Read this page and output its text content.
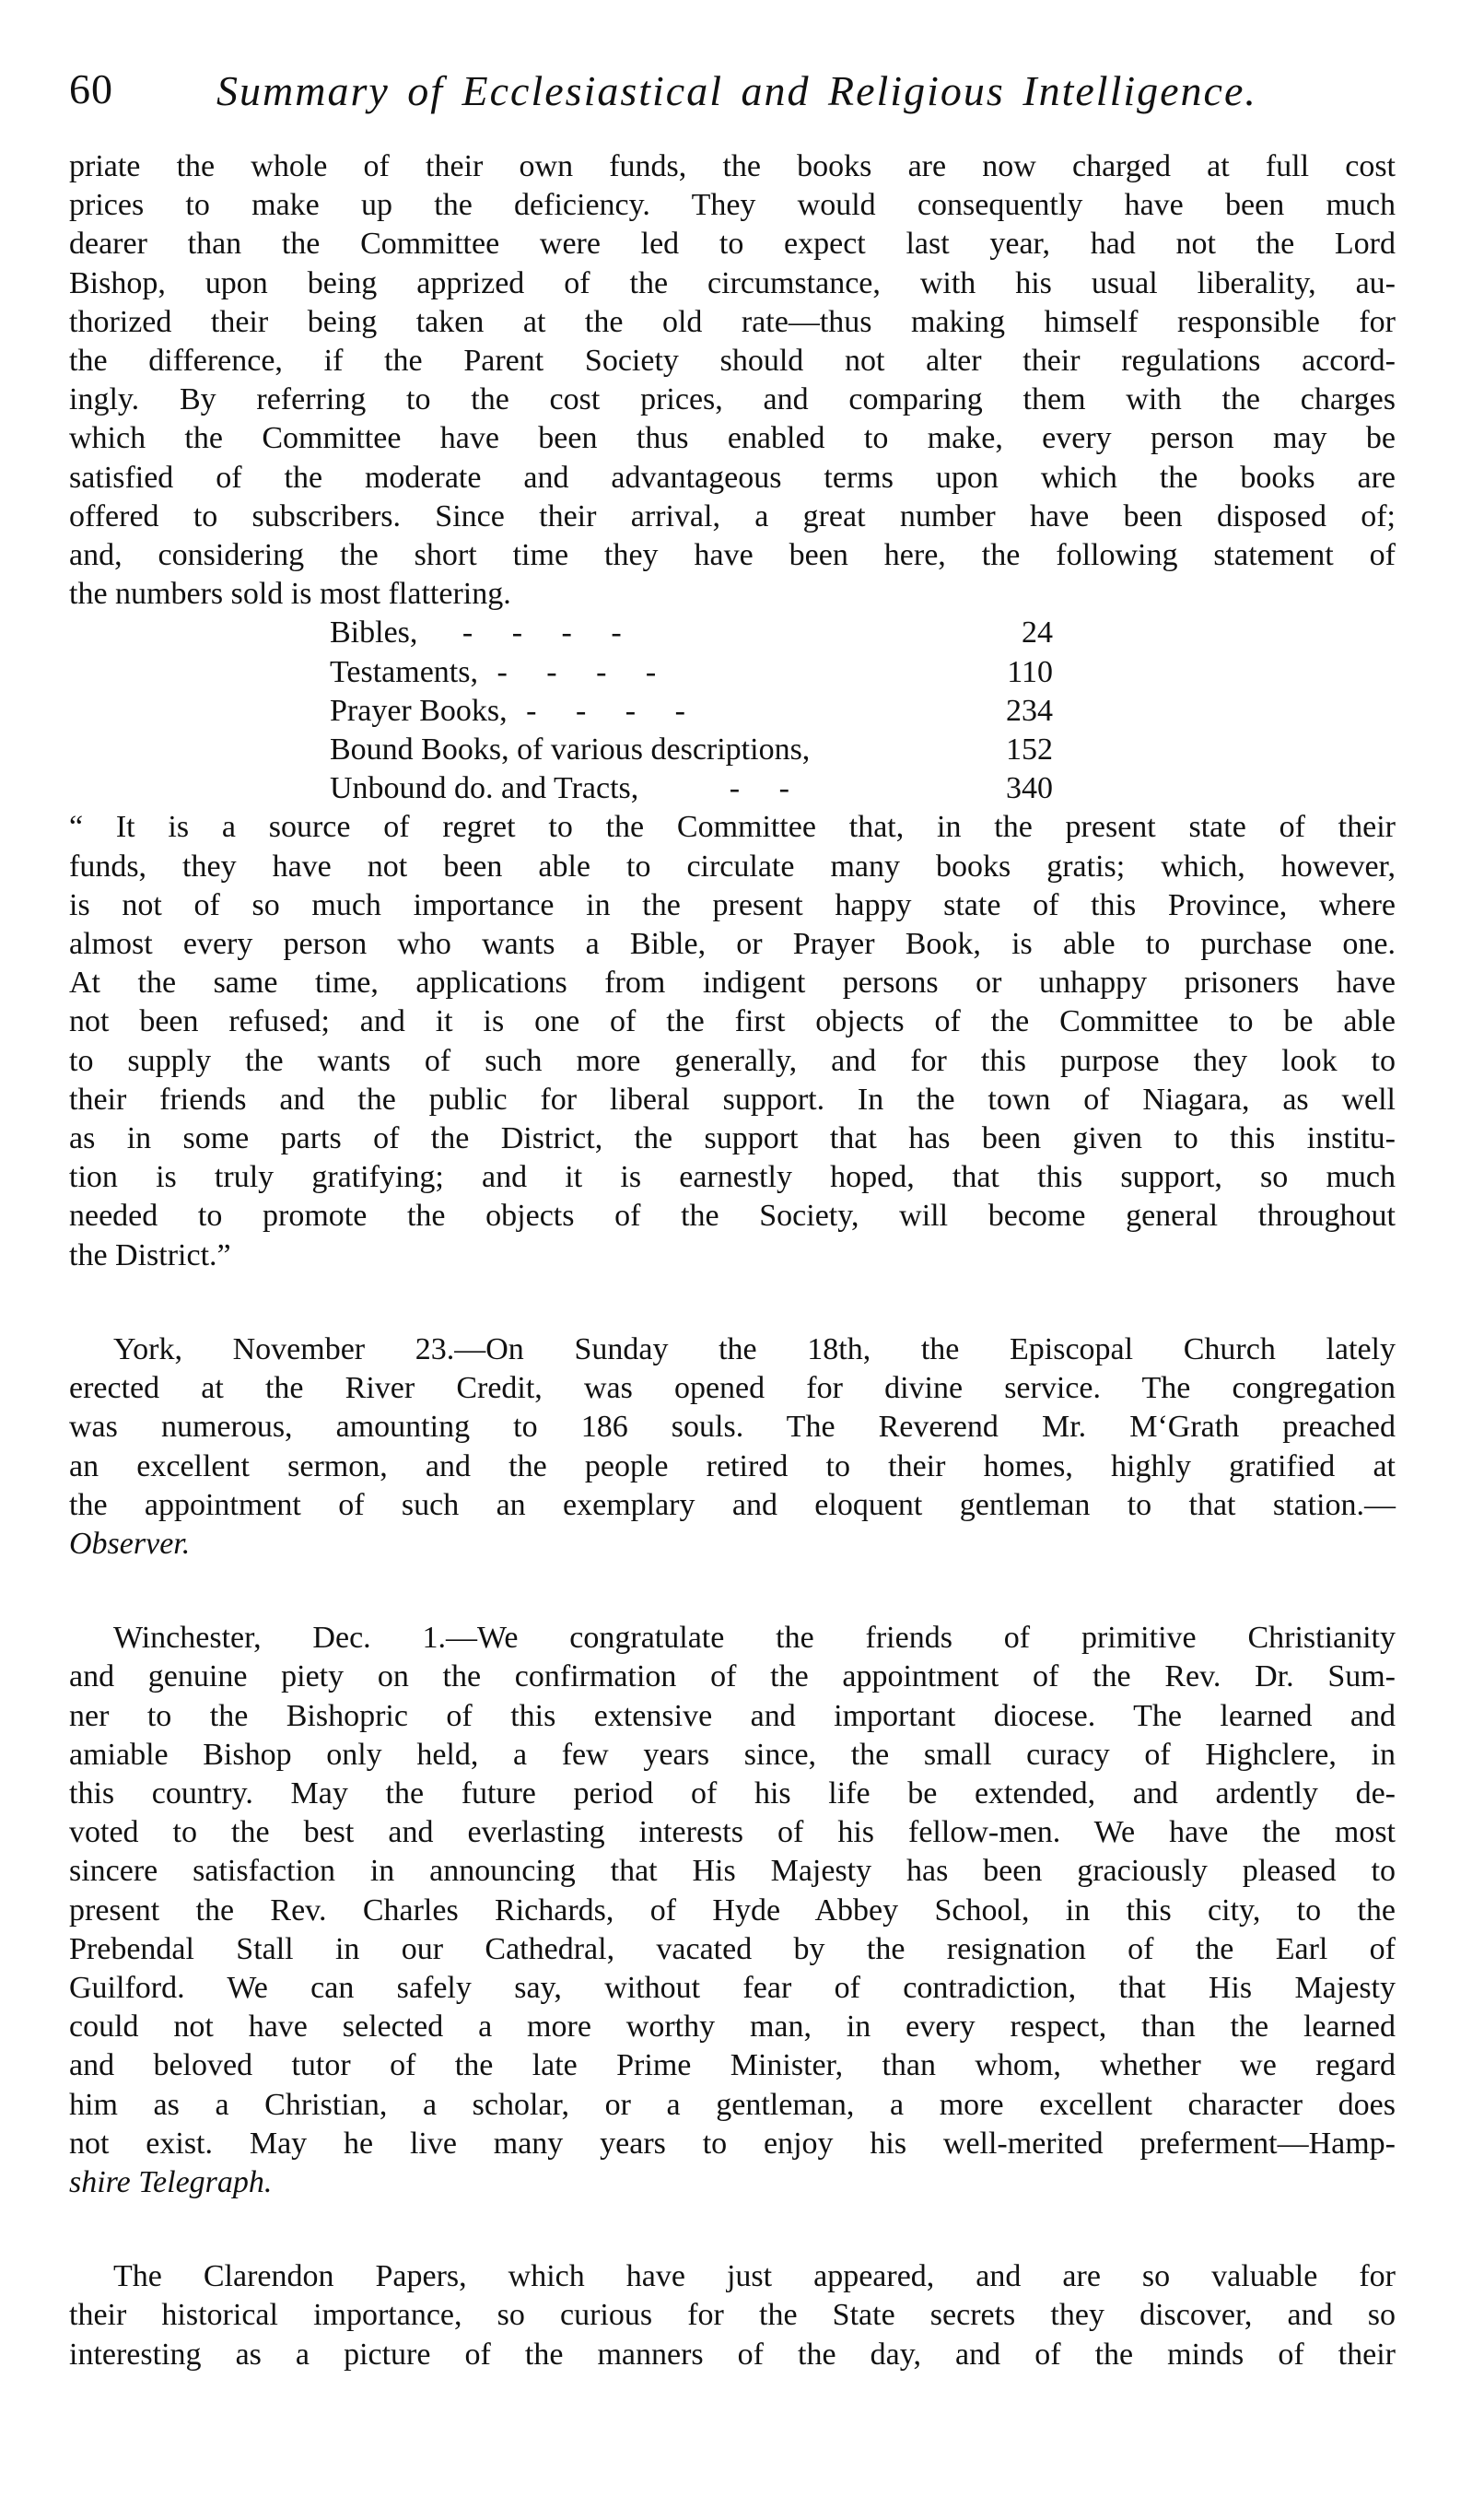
60 Summary of Ecclesiastical and Religious Intelligence.

priate the whole of their own funds, the books are now charged at full cost

prices to make up the deficiency. They would consequently have been much

dearer than the Committee were led to expect last year, had not the Lord

Bishop, upon being apprized of the circumstance, with his usual liberality, au-

thorized their being taken at the old rate—thus making himself responsible for

the difference, if the Parent Society should not alter their regulations accord-

ingly. By referring to the cost prices, and comparing them with the charges

which the Committee have been thus enabled to make, every person may be

satisfied of the moderate and advantageous terms upon which the books are

offered to subscribers. Since their arrival, a great number have been disposed of;

and, considering the short time they have been here, the following statement of

the numbers sold is most flattering.

Bibles, -     -     -     -	24
Testaments, -     -     -     -	110
Prayer Books, -     -     -     -	234
Bound Books, of various descriptions,	152
Unbound do. and Tracts, -     -	340

“ It is a source of regret to the Committee that, in the present state of their

funds, they have not been able to circulate many books gratis; which, however,

is not of so much importance in the present happy state of this Province, where

almost every person who wants a Bible, or Prayer Book, is able to purchase one.

At the same time, applications from indigent persons or unhappy prisoners have

not been refused; and it is one of the first objects of the Committee to be able

to supply the wants of such more generally, and for this purpose they look to

their friends and the public for liberal support. In the town of Niagara, as well

as in some parts of the District, the support that has been given to this institu-

tion is truly gratifying; and it is earnestly hoped, that this support, so much

needed to promote the objects of the Society, will become general throughout

the District.”

York, November 23.—On Sunday the 18th, the Episcopal Church lately

erected at the River Credit, was opened for divine service. The congregation

was numerous, amounting to 186 souls. The Reverend Mr. M‘Grath preached

an excellent sermon, and the people retired to their homes, highly gratified at

the appointment of such an exemplary and eloquent gentleman to that station.—

Observer.

Winchester, Dec. 1.—We congratulate the friends of primitive Christianity

and genuine piety on the confirmation of the appointment of the Rev. Dr. Sum-

ner to the Bishopric of this extensive and important diocese. The learned and

amiable Bishop only held, a few years since, the small curacy of Highclere, in

this country. May the future period of his life be extended, and ardently de-

voted to the best and everlasting interests of his fellow-men. We have the most

sincere satisfaction in announcing that His Majesty has been graciously pleased to

present the Rev. Charles Richards, of Hyde Abbey School, in this city, to the

Prebendal Stall in our Cathedral, vacated by the resignation of the Earl of

Guilford. We can safely say, without fear of contradiction, that His Majesty

could not have selected a more worthy man, in every respect, than the learned

and beloved tutor of the late Prime Minister, than whom, whether we regard

him as a Christian, a scholar, or a gentleman, a more excellent character does

not exist. May he live many years to enjoy his well-merited preferment—Hamp-

shire Telegraph.

The Clarendon Papers, which have just appeared, and are so valuable for

their historical importance, so curious for the State secrets they discover, and so

interesting as a picture of the manners of the day, and of the minds of their
